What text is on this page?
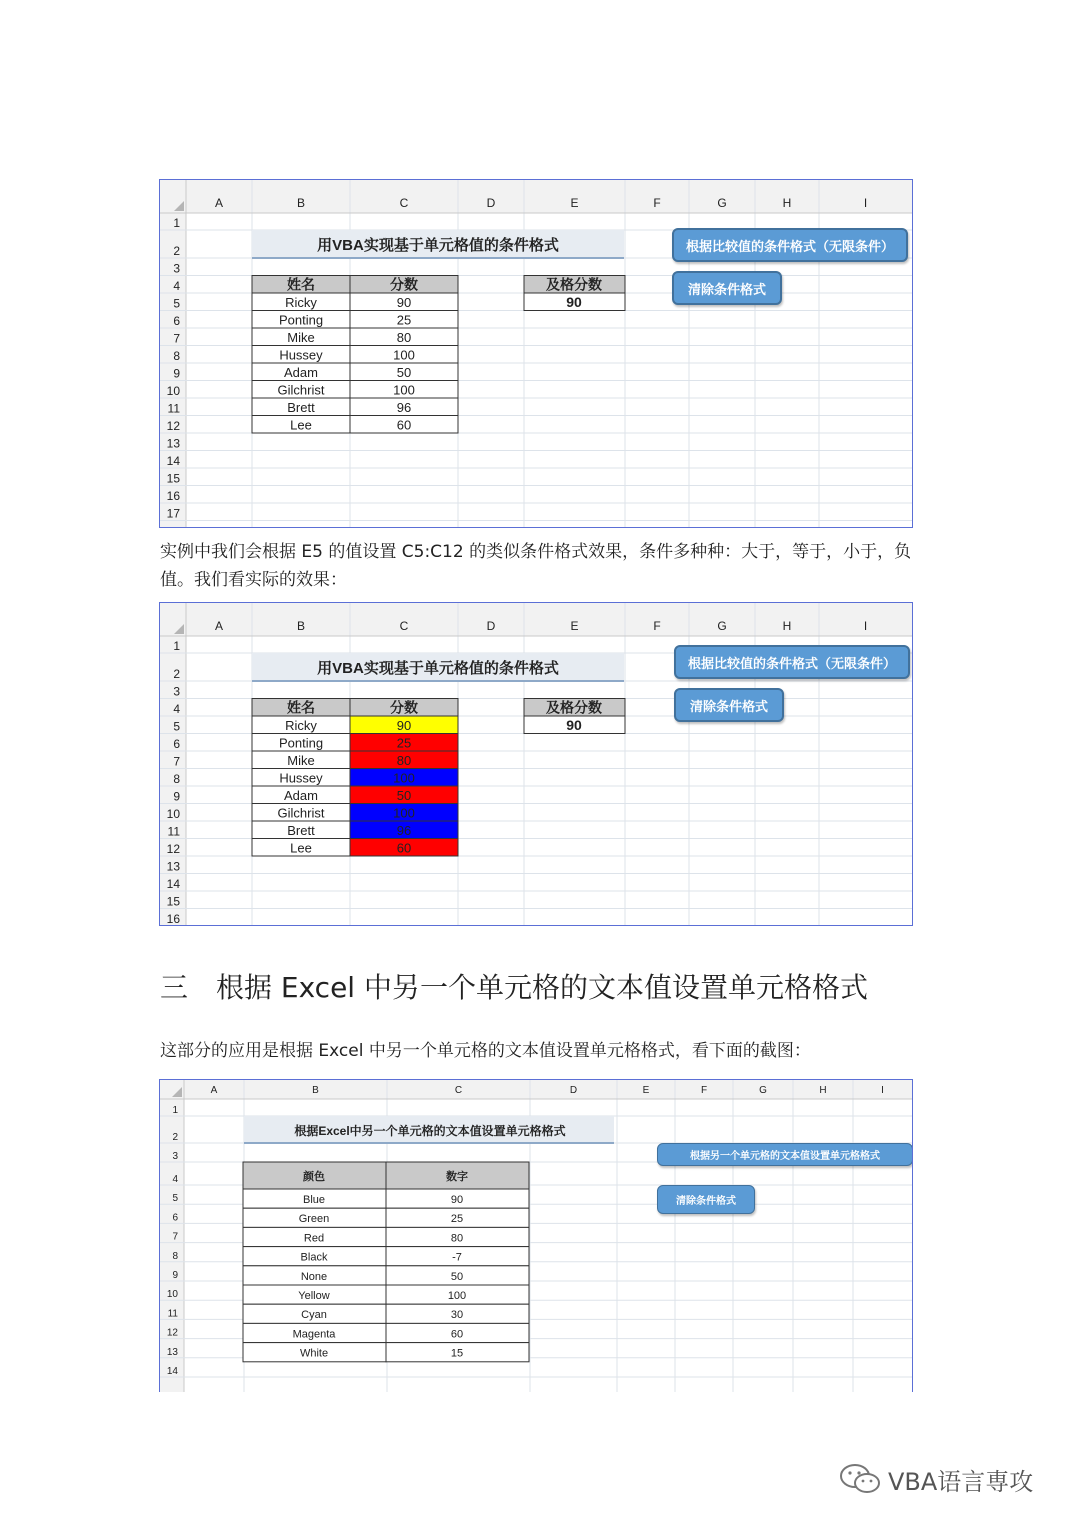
A	B	C	D	E	F	G	H	I
1
2
3
4
5
6
7
8
9
10
11
12
13
14
15
16
17
用VBA实现基于单元格值的条件格式
姓名	分数
Ricky	90
Ponting	25
Mike	80
Hussey	100
Adam	50
Gilchrist	100
Brett	96
Lee	60
及格分数
90
根据比较值的条件格式（无限条件）
清除条件格式
实例中我们会根据 E5 的值设置 C5:C12 的类似条件格式效果，条件多种种：大于，等于，小于，负值。我们看实际的效果：
A	B	C	D	E	F	G	H	I
1
2
3
4
5
6
7
8
9
10
11
12
13
14
15
16
用VBA实现基于单元格值的条件格式
姓名	分数
Ricky	90
Ponting	25
Mike	80
Hussey	100
Adam	50
Gilchrist	100
Brett	96
Lee	60
及格分数
90
根据比较值的条件格式（无限条件）
清除条件格式
三　根据 Excel 中另一个单元格的文本值设置单元格格式
这部分的应用是根据 Excel 中另一个单元格的文本值设置单元格格式，看下面的截图：
A	B	C	D	E	F	G	H	I
1
2
3
4
5
6
7
8
9
10
11
12
13
14
根据Excel中另一个单元格的文本值设置单元格格式
颜色	数字
Blue	90
Green	25
Red	80
Black	-7
None	50
Yellow	100
Cyan	30
Magenta	60
White	15
根据另一个单元格的文本值设置单元格格式
清除条件格式
VBA语言専攻
